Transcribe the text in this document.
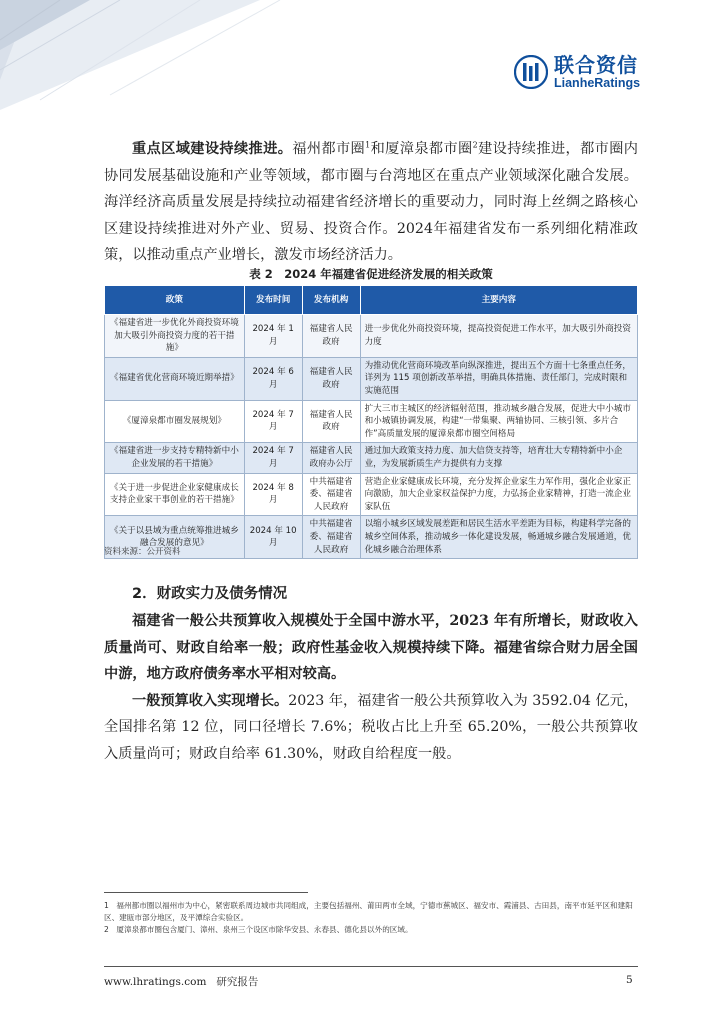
联合资信
LianheRatings

重点区域建设持续推进。福州都市圈$^1$和厦漳泉都市圈$^2$建设持续推进，都市圈内协同发展基础设施和产业等领域，都市圈与台湾地区在重点产业领域深化融合发展。海洋经济高质量发展是持续拉动福建省经济增长的重要动力，同时海上丝绸之路核心区建设持续推进对外产业、贸易、投资合作。2024年福建省发布一系列细化精准政策，以推动重点产业增长，激发市场经济活力。

表 2　2024 年福建省促进经济发展的相关政策
政策	发布时间	发布机构	主要内容
《福建省进一步优化外商投资环境 加大吸引外商投资力度的若干措施》	2024 年 1 月	福建省人民政府	进一步优化外商投资环境，提高投资促进工作水平，加大吸引外商投资力度
《福建省优化营商环境近期举措》	2024 年 6 月	福建省人民政府	为推动优化营商环境改革向纵深推进，提出五个方面十七条重点任务，详列为 115 项创新改革举措，明确具体措施、责任部门，完成时限和实施范围
《厦漳泉都市圈发展规划》	2024 年 7 月	福建省人民政府	扩大三市主城区的经济辐射范围，推动城乡融合发展，促进大中小城市和小城镇协调发展，构建“一带集聚、两轴协同、三核引领、多片合作”高质量发展的厦漳泉都市圈空间格局
《福建省进一步支持专精特新中小企业发展的若干措施》	2024 年 7 月	福建省人民政府办公厅	通过加大政策支持力度、加大信贷支持等，培育壮大专精特新中小企业，为发展新质生产力提供有力支撑
《关于进一步促进企业家健康成长支持企业家干事创业的若干措施》	2024 年 8 月	中共福建省委、福建省人民政府	营造企业家健康成长环境，充分发挥企业家生力军作用，强化企业家正向激励，加大企业家权益保护力度，力弘扬企业家精神，打造一流企业家队伍
《关于以县域为重点统筹推进城乡融合发展的意见》	2024 年 10 月	中共福建省委、福建省人民政府	以缩小城乡区域发展差距和居民生活水平差距为目标，构建科学完备的城乡空间体系，推动城乡一体化建设发展，畅通城乡融合发展通道，优化城乡融合治理体系
资料来源：公开资料
2．财政实力及债务情况

福建省一般公共预算收入规模处于全国中游水平，2023 年有所增长，财政收入质量尚可、财政自给率一般；政府性基金收入规模持续下降。福建省综合财力居全国中游，地方政府债务率水平相对较高。

一般预算收入实现增长。2023 年，福建省一般公共预算收入为 3592.04 亿元，全国排名第 12 位，同口径增长 7.6%；税收占比上升至 65.20%，一般公共预算收入质量尚可；财政自给率 61.30%，财政自给程度一般。

1　福州都市圈以福州市为中心，紧密联系周边城市共同组成，主要包括福州、莆田两市全域，宁德市蕉城区、福安市、霞浦县、古田县，南平市延平区和建阳区、建瓯市部分地区，及平潭综合实验区。
2　厦漳泉都市圈包含厦门、漳州、泉州三个设区市除华安县、永春县、德化县以外的区域。
www.lhratings.com 研究报告	5
